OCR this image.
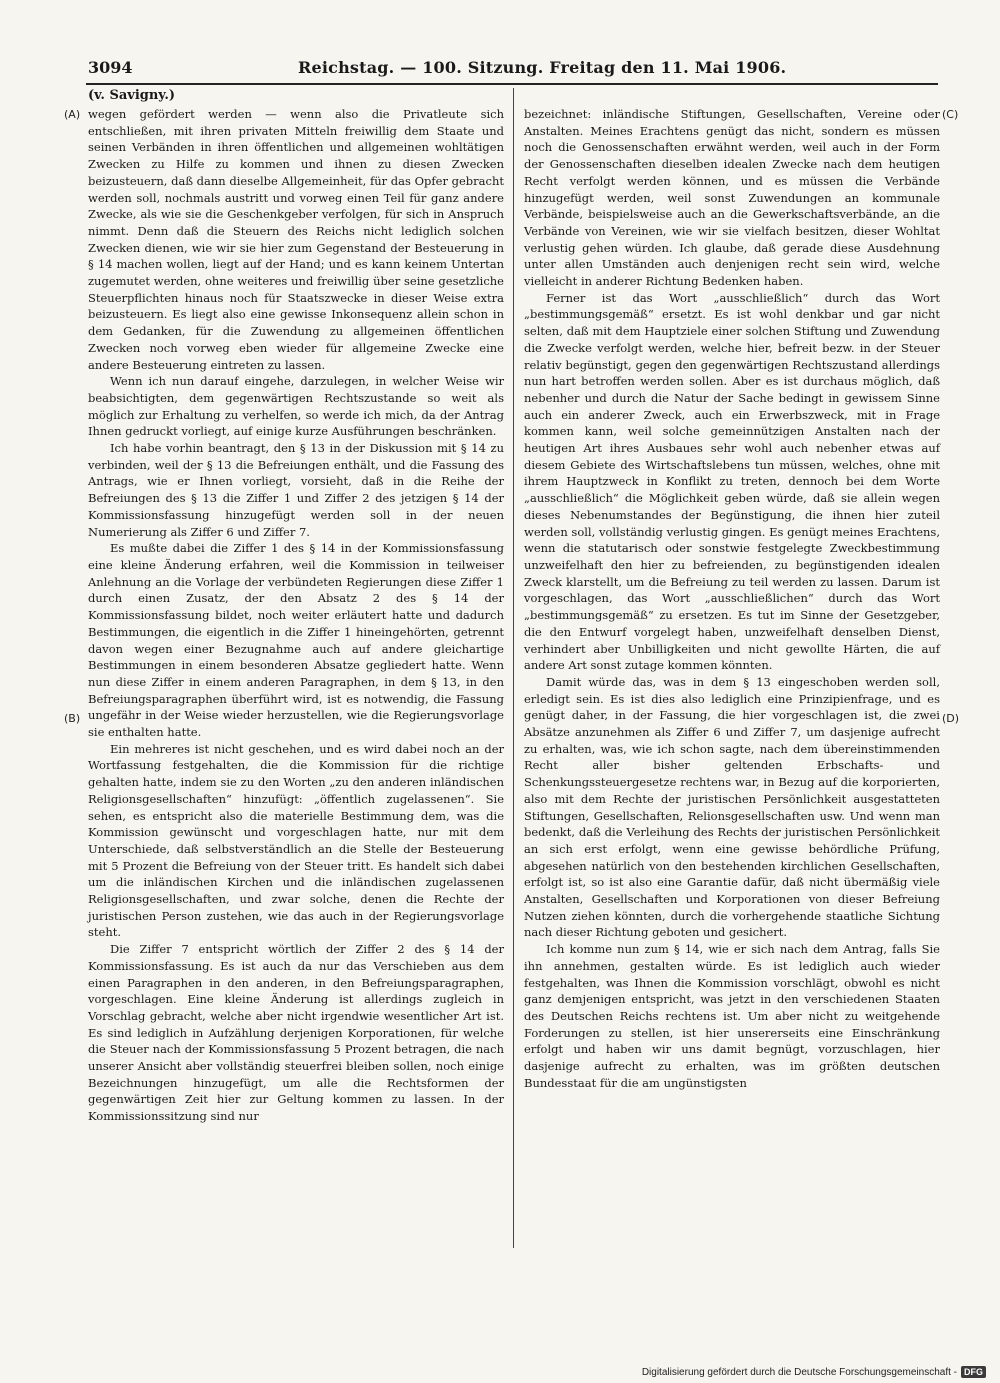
3094	Reichstag. — 100. Sitzung. Freitag den 11. Mai 1906.
(v. Savigny.)
(A)
(B)
(C)
(D)

wegen gefördert werden — wenn also die Privatleute sich entschließen, mit ihren privaten Mitteln freiwillig dem Staate und seinen Verbänden in ihren öffentlichen und allgemeinen wohltätigen Zwecken zu Hilfe zu kommen und ihnen zu diesen Zwecken beizusteuern, daß dann dieselbe Allgemeinheit, für das Opfer gebracht werden soll, nochmals austritt und vorweg einen Teil für ganz andere Zwecke, als wie sie die Geschenkgeber verfolgen, für sich in Anspruch nimmt. Denn daß die Steuern des Reichs nicht lediglich solchen Zwecken dienen, wie wir sie hier zum Gegenstand der Besteuerung in § 14 machen wollen, liegt auf der Hand; und es kann keinem Untertan zugemutet werden, ohne weiteres und freiwillig über seine gesetzliche Steuerpflichten hinaus noch für Staatszwecke in dieser Weise extra beizusteuern. Es liegt also eine gewisse Inkonsequenz allein schon in dem Gedanken, für die Zuwendung zu allgemeinen öffentlichen Zwecken noch vorweg eben wieder für allgemeine Zwecke eine andere Besteuerung eintreten zu lassen.

Wenn ich nun darauf eingehe, darzulegen, in welcher Weise wir beabsichtigten, dem gegenwärtigen Rechtszustande so weit als möglich zur Erhaltung zu verhelfen, so werde ich mich, da der Antrag Ihnen gedruckt vorliegt, auf einige kurze Ausführungen beschränken.

Ich habe vorhin beantragt, den § 13 in der Diskussion mit § 14 zu verbinden, weil der § 13 die Befreiungen enthält, und die Fassung des Antrags, wie er Ihnen vorliegt, vorsieht, daß in die Reihe der Befreiungen des § 13 die Ziffer 1 und Ziffer 2 des jetzigen § 14 der Kommissionsfassung hinzugefügt werden soll in der neuen Numerierung als Ziffer 6 und Ziffer 7.

Es mußte dabei die Ziffer 1 des § 14 in der Kommissionsfassung eine kleine Änderung erfahren, weil die Kommission in teilweiser Anlehnung an die Vorlage der verbündeten Regierungen diese Ziffer 1 durch einen Zusatz, der den Absatz 2 des § 14 der Kommissionsfassung bildet, noch weiter erläutert hatte und dadurch Bestimmungen, die eigentlich in die Ziffer 1 hineingehörten, getrennt davon wegen einer Bezugnahme auch auf andere gleichartige Bestimmungen in einem besonderen Absatze gegliedert hatte. Wenn nun diese Ziffer in einem anderen Paragraphen, in dem § 13, in den Befreiungsparagraphen überführt wird, ist es notwendig, die Fassung ungefähr in der Weise wieder herzustellen, wie die Regierungsvorlage sie enthalten hatte.

Ein mehreres ist nicht geschehen, und es wird dabei noch an der Wortfassung festgehalten, die die Kommission für die richtige gehalten hatte, indem sie zu den Worten „zu den anderen inländischen Religionsgesellschaften“ hinzufügt: „öffentlich zugelassenen“. Sie sehen, es entspricht also die materielle Bestimmung dem, was die Kommission gewünscht und vorgeschlagen hatte, nur mit dem Unterschiede, daß selbstverständlich an die Stelle der Besteuerung mit 5 Prozent die Befreiung von der Steuer tritt. Es handelt sich dabei um die inländischen Kirchen und die inländischen zugelassenen Religionsgesellschaften, und zwar solche, denen die Rechte der juristischen Person zustehen, wie das auch in der Regierungsvorlage steht.

Die Ziffer 7 entspricht wörtlich der Ziffer 2 des § 14 der Kommissionsfassung. Es ist auch da nur das Verschieben aus dem einen Paragraphen in den anderen, in den Befreiungsparagraphen, vorgeschlagen. Eine kleine Änderung ist allerdings zugleich in Vorschlag gebracht, welche aber nicht irgendwie wesentlicher Art ist. Es sind lediglich in Aufzählung derjenigen Korporationen, für welche die Steuer nach der Kommissionsfassung 5 Prozent betragen, die nach unserer Ansicht aber vollständig steuerfrei bleiben sollen, noch einige Bezeichnungen hinzugefügt, um alle die Rechtsformen der gegenwärtigen Zeit hier zur Geltung kommen zu lassen. In der Kommissionssitzung sind nur

bezeichnet: inländische Stiftungen, Gesellschaften, Vereine oder Anstalten. Meines Erachtens genügt das nicht, sondern es müssen noch die Genossenschaften erwähnt werden, weil auch in der Form der Genossenschaften dieselben idealen Zwecke nach dem heutigen Recht verfolgt werden können, und es müssen die Verbände hinzugefügt werden, weil sonst Zuwendungen an kommunale Verbände, beispielsweise auch an die Gewerkschaftsverbände, an die Verbände von Vereinen, wie wir sie vielfach besitzen, dieser Wohltat verlustig gehen würden. Ich glaube, daß gerade diese Ausdehnung unter allen Umständen auch denjenigen recht sein wird, welche vielleicht in anderer Richtung Bedenken haben.

Ferner ist das Wort „ausschließlich“ durch das Wort „bestimmungsgemäß“ ersetzt. Es ist wohl denkbar und gar nicht selten, daß mit dem Hauptziele einer solchen Stiftung und Zuwendung die Zwecke verfolgt werden, welche hier, befreit bezw. in der Steuer relativ begünstigt, gegen den gegenwärtigen Rechtszustand allerdings nun hart betroffen werden sollen. Aber es ist durchaus möglich, daß nebenher und durch die Natur der Sache bedingt in gewissem Sinne auch ein anderer Zweck, auch ein Erwerbszweck, mit in Frage kommen kann, weil solche gemeinnützigen Anstalten nach der heutigen Art ihres Ausbaues sehr wohl auch nebenher etwas auf diesem Gebiete des Wirtschaftslebens tun müssen, welches, ohne mit ihrem Hauptzweck in Konflikt zu treten, dennoch bei dem Worte „ausschließlich“ die Möglichkeit geben würde, daß sie allein wegen dieses Nebenumstandes der Begünstigung, die ihnen hier zuteil werden soll, vollständig verlustig gingen. Es genügt meines Erachtens, wenn die statutarisch oder sonstwie festgelegte Zweckbestimmung unzweifelhaft den hier zu befreienden, zu begünstigenden idealen Zweck klarstellt, um die Befreiung zu teil werden zu lassen. Darum ist vorgeschlagen, das Wort „ausschließlichen“ durch das Wort „bestimmungsgemäß“ zu ersetzen. Es tut im Sinne der Gesetzgeber, die den Entwurf vorgelegt haben, unzweifelhaft denselben Dienst, verhindert aber Unbilligkeiten und nicht gewollte Härten, die auf andere Art sonst zutage kommen könnten.

Damit würde das, was in dem § 13 eingeschoben werden soll, erledigt sein. Es ist dies also lediglich eine Prinzipienfrage, und es genügt daher, in der Fassung, die hier vorgeschlagen ist, die zwei Absätze anzunehmen als Ziffer 6 und Ziffer 7, um dasjenige aufrecht zu erhalten, was, wie ich schon sagte, nach dem übereinstimmenden Recht aller bisher geltenden Erbschafts- und Schenkungssteuergesetze rechtens war, in Bezug auf die korporierten, also mit dem Rechte der juristischen Persönlichkeit ausgestatteten Stiftungen, Gesellschaften, Relionsgesellschaften usw. Und wenn man bedenkt, daß die Verleihung des Rechts der juristischen Persönlichkeit an sich erst erfolgt, wenn eine gewisse behördliche Prüfung, abgesehen natürlich von den bestehenden kirchlichen Gesellschaften, erfolgt ist, so ist also eine Garantie dafür, daß nicht übermäßig viele Anstalten, Gesellschaften und Korporationen von dieser Befreiung Nutzen ziehen könnten, durch die vorhergehende staatliche Sichtung nach dieser Richtung geboten und gesichert.

Ich komme nun zum § 14, wie er sich nach dem Antrag, falls Sie ihn annehmen, gestalten würde. Es ist lediglich auch wieder festgehalten, was Ihnen die Kommission vorschlägt, obwohl es nicht ganz demjenigen entspricht, was jetzt in den verschiedenen Staaten des Deutschen Reichs rechtens ist. Um aber nicht zu weitgehende Forderungen zu stellen, ist hier unsererseits eine Einschränkung erfolgt und haben wir uns damit begnügt, vorzuschlagen, hier dasjenige aufrecht zu erhalten, was im größten deutschen Bundesstaat für die am ungünstigsten

Digitalisierung gefördert durch die Deutsche Forschungsgemeinschaft - DFG
